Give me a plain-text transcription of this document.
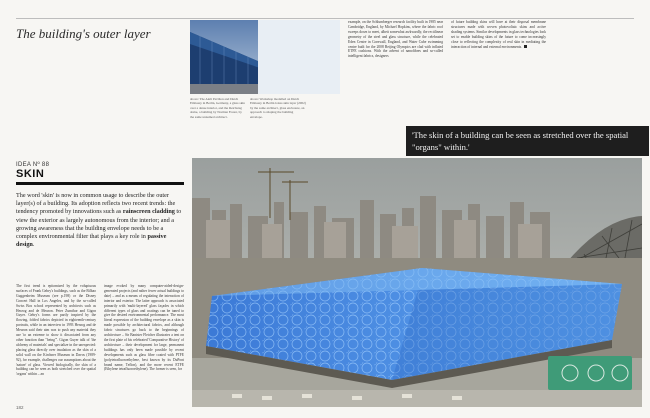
The building's outer layer
above: The Aleli Pavilion and Dutch Embassy in Berlin, Germany, a glass skin over a dense interior, and the Reichstag dome, a building by Norman Foster, by the same unnamed architect.
above: Workshop modelled on Dutch Embassy in Berlin Glass skin layer (2002) by the same architect, glass enclosure, an approach to shaping the building envelope.
example, on the Schlumberger research facility built in 1985 near Cambridge, England, by Michael Hopkins, where the fabric roof sweeps down to meet, albeit somewhat awkwardly, the rectilinear geometry of the steel and glass structure, while the celebrated Eden Centre in Cornwall, England, and Water Cube swimming centre built for the 2008 Beijing Olympics are clad with inflated ETFE cushions. With the advent of nanofibres and so-called intelligent fabrics, designers
of future building skins will have at their disposal membrane structures made with woven photovoltaic skins and active shading systems. Similar developments in glass technologies look set to enable building skins of the future to come increasingly close to reflecting the complexity of real skin in mediating the interaction of internal and external environments.
'The skin of a building can be seen as stretched over the spatial "organs" within.'
IDEA Nº 88
SKIN
The word 'skin' is now in common usage to describe the outer layer(s) of a building. Its adoption reflects two recent trends: the tendency promoted by innovations such as rainscreen cladding to view the exterior as largely autonomous from the interior; and a growing awareness that the building envelope needs to be a complex environmental filter that plays a key role in passive design.
The first trend is epitomized by the voluptuous surfaces of Frank Gehry's buildings, such as the Bilbao Guggenheim Museum (see p.198) or the Disney Concert Hall in Los Angeles, and by the so-called Swiss Box school represented by architects such as Herzog and de Meuron. Peter Zumthor and Gigon Guyer. Gehry's forms are partly inspired by the flowing, folded fabrics depicted in eighteenth-century portraits, while in an interview in 1993 Herzog and de Meuron said their aim was to push any material they use 'to an extreme to show it dissociated from any other function than "being"'. Gigon Guyer talk of 'the alchemy of materials' and specialize in the unexpected: placing glass directly over insulation as the skin of a solid wall on the Kirchner Museum in Davos (1989-92), for example, challenges our assumptions about the 'nature' of glass. Viewed biologically, the skin of a building can be seen as both stretched over the spatial 'organs' within – an
image evoked by many computer-aided-design-generated projects (and rather fewer actual buildings to date) – and as a means of regulating the interaction of interior and exterior. The latter approach is associated primarily with 'multi-layered' glass façades in which different types of glass and coatings can be tuned to give the desired environmental performance. The most literal expression of the building envelope as a skin is made possible by architectural fabrics, and although fabric structures go back to the beginnings of architecture – Sir Banister Fletcher illustrates a tent on the first plate of his celebrated 'Comparative History' of architecture – their development for large, permanent buildings has only been made possible by recent developments such as glass fibre coated with PTFE (polytetrafluoroethylene, best known by its DuPont brand name, Teflon), and the more recent ETFE (Ethylene tetrafluoroethylene). The former is seen, for
182
